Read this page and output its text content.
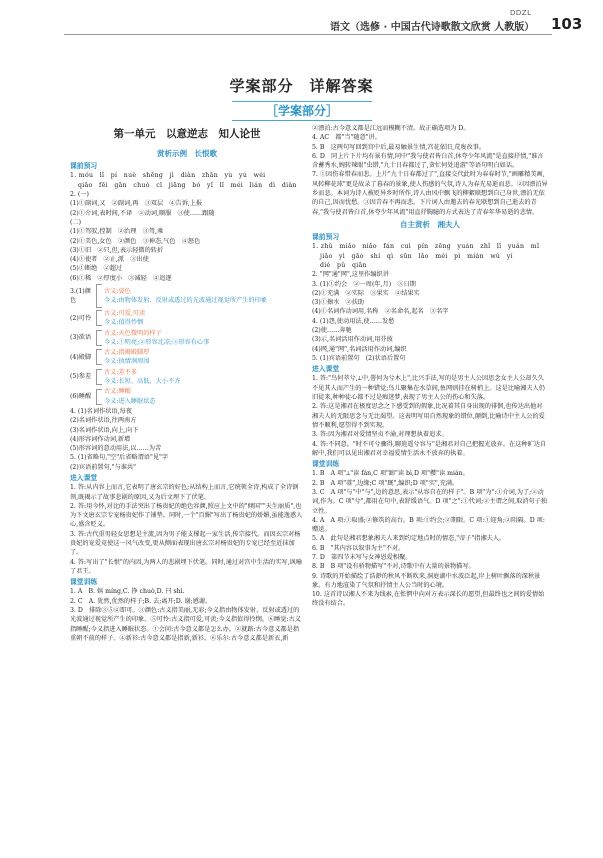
DDZL
语文（选修 · 中国古代诗歌散文欣赏 人教版） 103
学案部分　详解答案
［学案部分］
第一单元　以意逆志　知人论世
赏析示例　长恨歌
课前预习
1. móu　lǐ　pí　nuè　shēng　jì　diàn　zhān　yù　yú　wéi
qiāo　fēi　gān　chuò　cī　jiāng　bó　yǐ　lǐ　méi　lián　dì　diàn
2. (一)
(1)①副词,又　②副词,再　③双层　④告诉,上报
(2)①介词,表时间,不译　②动词,顺服　③使……跟随
(二)
(1)①驾驭,控制　②治理　③驾,乘
(2)①美色,女色　②颜色　③神态,气色　④怒色
(3)①旧　②只,但,表示轻微的转折
(4)①使者　②止,派　③出使
(5)①断绝　②超过
(6)①稀　②厚度小　③减轻　④追逐
3.(1)颜色
古义:姿色
今义:由物体发射、反射或透过的光波通过视觉所产生的印象
(2)可怜
古义:可爱,可羡
今义:值得怜悯
(3)欲语
古义:天色微明的样子
今义:①明亮;②形容北凉;③形容有心事
(4)殿脚
古义:指揭殿脚厚
今义:执情涧周围
(5)参差
古义:差不多
今义:长短、高低、大小不齐
(6)睡醒
古义:睡醒
今义:进入睡眠状态
4. (1)名词作状语,每夜
(2)名词作状语,往两南方
(3)名词作状语,向上,向下
(4)形容词作动词,新增
(5)形容词的意动用法,以……为苦
5. (1)省略句,"空"后省略谓语"见"字
(2)宾语前置句,"与谁共"
进入课堂
1. 答:从内容上而言,它表明了唐玄宗的好色;从结构上而言,它统领全诗,构成了全诗钢领,既揭示了故事悲剧的原因,又为后文埋下了伏笔。
2. 答:用今怀,对比的手法突出了杨贵妃的绝色容颜,照应上文中的"倾国""天生丽质",也为下文唐玄宗专宠杨贵妃作了铺垫。同时,一个"百媚"写出了杨贵妃的娇媚,虽能逸惑人心,盛含贬义。
3. 答:古代重男轻女思想是主流,因为男子能支撑起一家生活,传宗接代。而因玄宗对杨贵妃的宠爱竟使这一风气改变,更从侧面表现出唐玄宗对杨贵妃的专宠已经至近抹加了。
4. 答:写出了"长恨"的内因,为两人的悲剧埋下伏笔。同时,通过对宫中生活的实写,讽喻了君王。
课堂训练
1. A　B. 嫔 míng,C. 挣 chuò,D. 闩 shì.
2. C　A. 犹然,优然的样子;B. 去;离开;D. 谢;感谢。
3. D　排除③⑤④即可。③颜色:古义指美丽,无彩;今义指由物体发射、反射或透过的光波通过视觉所产生的印象。⑤可怜:古义指可爱,可羡;今义指值得怜悯。⑥睡觉:古义指睡醒;今义指进入睡眠状态。①会问:古今意义都是怎么办。②就路:古今意义都是指重朝不前的样子。④新衫:古今意义都是指新,新衫。⑥乐尔:古今意义都是新衣,新
②漂泊:古今意义都是江远而模糊不清。故正确选项为 D。
4. AC　都"当"随意"讲。
5. B　这两句写回到宫中后,最易触景生情,宫花依旧,荒废改事。
6. D　同上片下片均有景有情,同中"我与使君皆白首,休夸少年风流"是直接抒情,"谁言含蓄秀水,婉转辣眼"虫错,"九十日春都过了,贪忙何处追游"等语句明白如话。
7. ①因伤春惜春而悲。上片"九十日春都过了",直接交代此时为春春时节,"画雕精美画,风转柳花球"更是故录了暮春的景象,使人伤感的气氛,诗人为春光易逝而悲。②因漂泊异乡而悲。本词为诗人被贬异乡时所作,诗人由风中飘飞的柳絮联想到自己身世,漂泊无依的自己,因而忧愁。③因青春不再而悲。下片词人由邀去的春光联想到自己逝去的青春,"我与使君皆白首,休夸少年风流"用直抒胸臆的方式表达了青春年华易逝的悲情。
自主赏析　湘夫人
课前预习
1. zhǔ　miǎo　niǎo　fán　cuì　pín　zēng　yuán　zhǐ　lǐ　yuán　mǐ
jiāo　yì　gāo　shí　qì　sūn　lǎo　méi　pì　mián　wǔ　yí
dié　pǔ　qiān
2. "网"通"网",这里作编织讲
3. (1)①约会　②一周(年,月)　③日期
(2)①充满　②实际　③果实　④结果实
(3)①擦水　②扶助
(4)①名词作动词用,名称　②名命名,起名　③名字
4. (1)怨,使动用法,使……发愁
(2)使……奔驰
(3)示,名词活用作动词,用芬披
(4)网,通"网",名词活用作动词,编织
5. (1)宾语前置句　(2)状语后置句
进入课堂
1. 答:"鸟何萃兮,⟂中,罾何为兮木上",比兴手法,写的是男主人公因思念女主人公却久久不见其人而产生的一种错觉;鸟儿聚集在水草间,鱼网则挂在树梢上。这是比喻湘夫人仍旧徒来,种种徒心都不过是痴迷梦,表现了男主人公的伤心和失落。
2. 答:这是湘君在极度思念之下感受到的假象,比况着其自身出现的徘徊,也传达出他对湘夫人的无限思念与无比渴望。这表明写用自然现象的错位,颠倒,比喻诗中主人公的爱情不顺利,愿望得不到实现。
3. 答:因为湘君对爱情坚贞不渝,对理想执着追求。
4. 答:不同意。"时不可兮骤得,聊逍遥兮容与"是湘君对自己把握光放弃。在这种旷达自解中,我们可以见出湘君对幸福爱情生活永不放弃的执着。
课堂训练
1. B　A 项"⟂"读 fán,C 项"蹄"读 bì,D 项"樱"读 mián。
2. B　A 项"薹",边缘;C 项"厩",编织;D 项"实",充满。
3. C　A 项"与"中"与",边的意思,表示"从容自在的样子"。B 项"为":①介词,为了;②动词,作为。C 项"兮",都用在句中,表舒缓语气。D 项"之":①代词;②主谓之间,取消句子独立性。
4. A　A 项:①取盛;②修筑的高台。B 项:①约会;②期限。C 项:①迎角;②阻隔。D 项:赠送。
5. A　此句是湘君想象湘夫人来到约定地点时的情态,"帝子"指湘夫人。
6. B　"其内容以叙事为主"不对。
7. D　第四节末写与女神恩爱相聚。
8. B　B 项"设有骄物描写"不对,诗歌中有大量的景物描写。
9. 诗歌的开始描绘了浩渺的秋风不断吹来,洞庭湖中水波泛起,岸上树叶飘落的深秋景象。有力地渲染了气氛和抒情主人公当时的心境。
10. 这首诗以湘人不来为线索,在怅惘中向对方表示深长的愿望,但最终也之间的爱情始终没有结合。
